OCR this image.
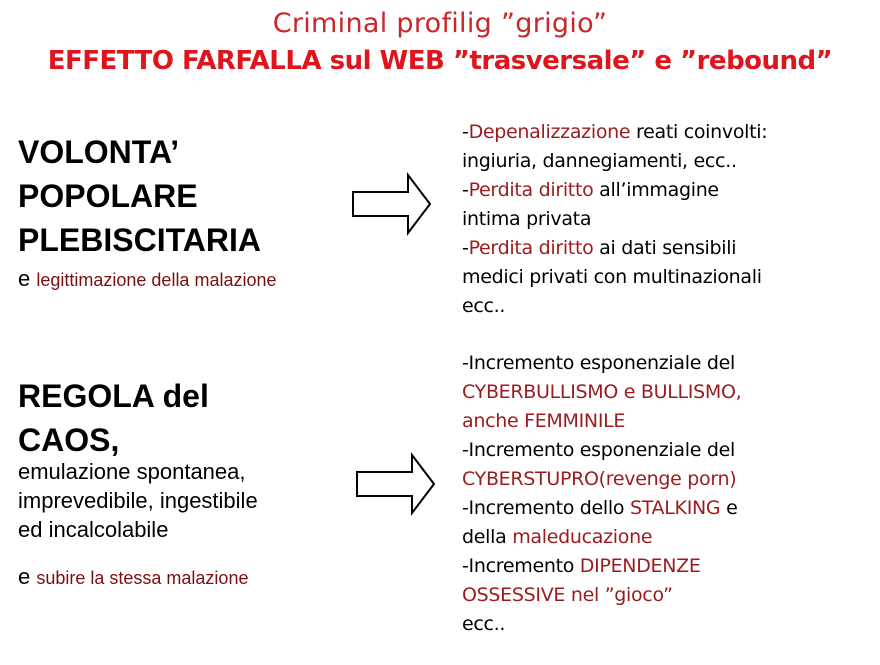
Criminal profilig ”grigio”
EFFETTO FARFALLA sul WEB ”trasversale” e ”rebound”
VOLONTA’
POPOLARE
PLEBISCITARIA
e legittimazione della malazione
-Depenalizzazione reati coinvolti:
ingiuria, dannegiamenti, ecc..
-Perdita diritto all’immagine
intima privata
-Perdita diritto ai dati sensibili
medici privati con multinazionali
ecc..
REGOLA del
CAOS,
emulazione spontanea,
imprevedibile, ingestibile
ed incalcolabile
e subire la stessa malazione
-Incremento esponenziale del
CYBERBULLISMO e BULLISMO,
anche FEMMINILE
-Incremento esponenziale del
CYBERSTUPRO(revenge porn)
-Incremento dello STALKING e
della maleducazione
-Incremento DIPENDENZE
OSSESSIVE nel ”gioco”
ecc..
